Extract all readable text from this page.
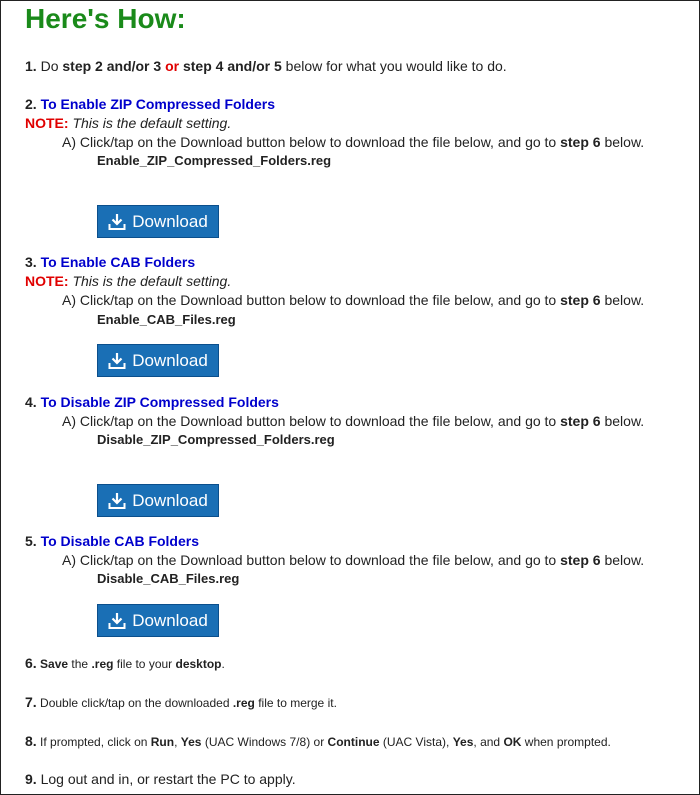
Here's How:
1. Do step 2 and/or 3 or step 4 and/or 5 below for what you would like to do.
2. To Enable ZIP Compressed Folders
NOTE: This is the default setting.
A) Click/tap on the Download button below to download the file below, and go to step 6 below.
Enable_ZIP_Compressed_Folders.reg
Download
3. To Enable CAB Folders
NOTE: This is the default setting.
A) Click/tap on the Download button below to download the file below, and go to step 6 below.
Enable_CAB_Files.reg
Download
4. To Disable ZIP Compressed Folders
A) Click/tap on the Download button below to download the file below, and go to step 6 below.
Disable_ZIP_Compressed_Folders.reg
Download
5. To Disable CAB Folders
A) Click/tap on the Download button below to download the file below, and go to step 6 below.
Disable_CAB_Files.reg
Download
6. Save the .reg file to your desktop.
7. Double click/tap on the downloaded .reg file to merge it.
8. If prompted, click on Run, Yes (UAC Windows 7/8) or Continue (UAC Vista), Yes, and OK when prompted.
9. Log out and in, or restart the PC to apply.
